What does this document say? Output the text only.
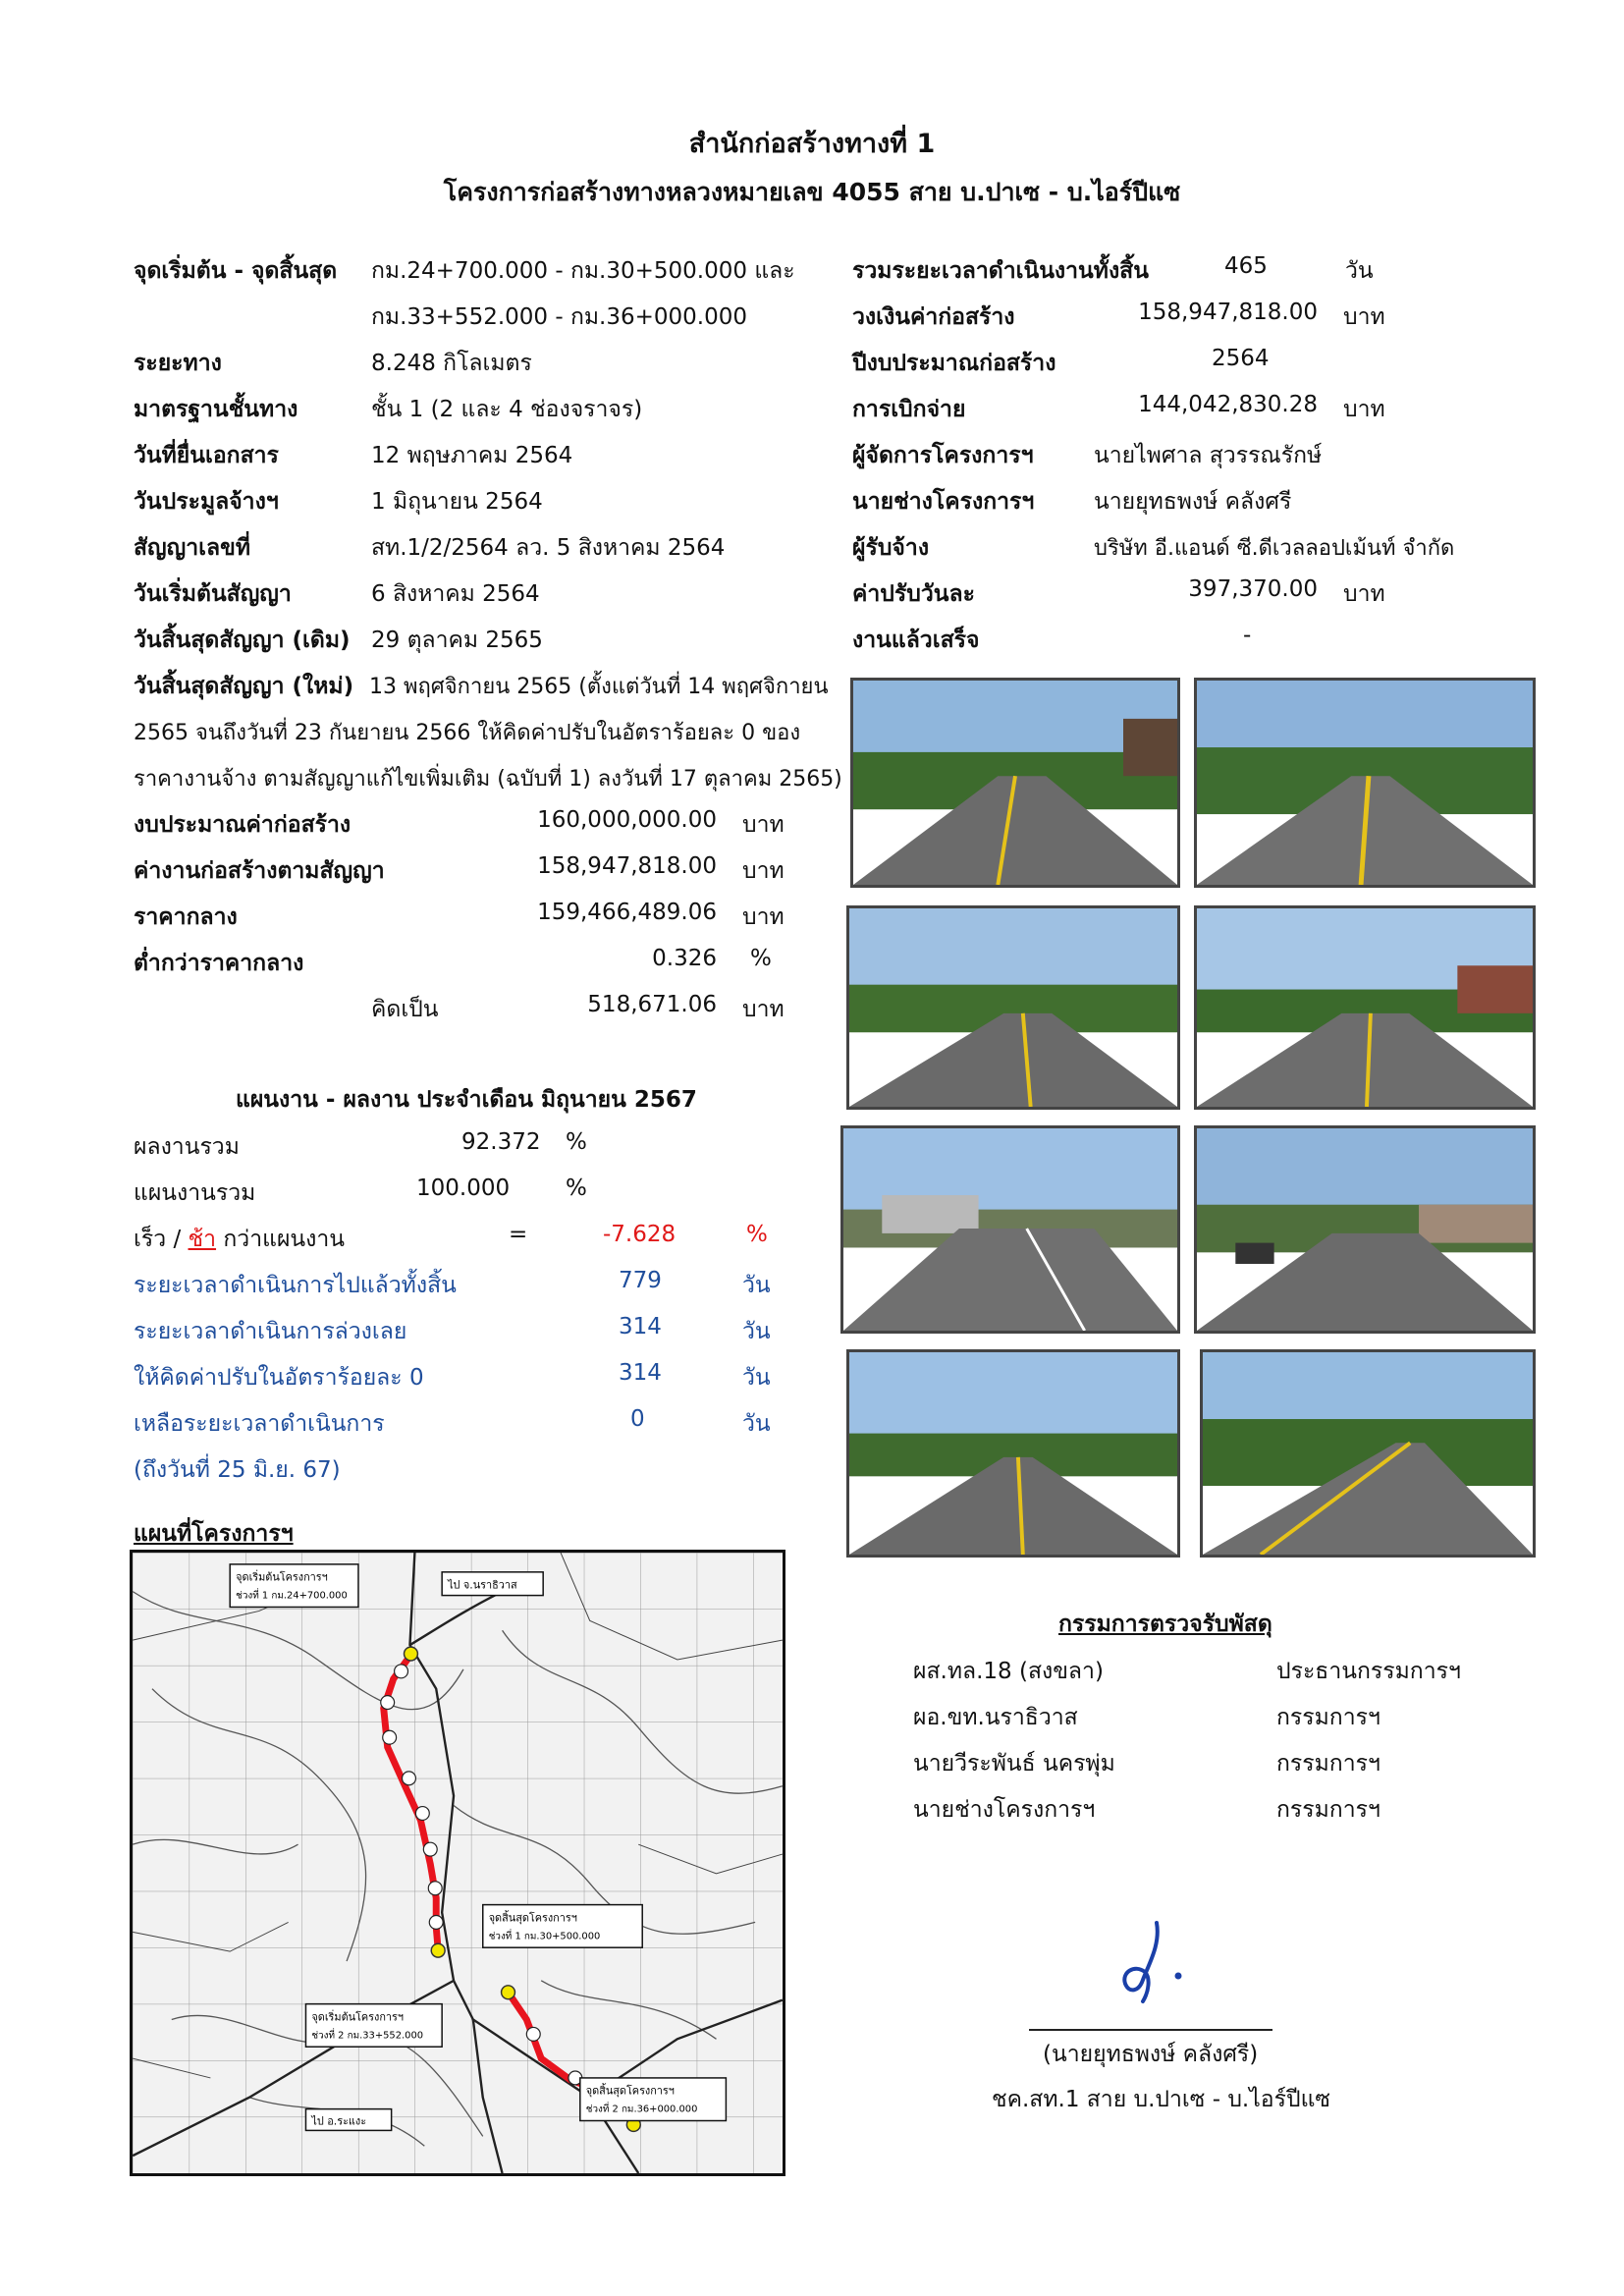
สำนักก่อสร้างทางที่ 1
โครงการก่อสร้างทางหลวงหมายเลข 4055 สาย บ.ปาเซ - บ.ไอร์ปีแซ
จุดเริ่มต้น - จุดสิ้นสุด กม.24+700.000 - กม.30+500.000 และ
กม.33+552.000 - กม.36+000.000
ระยะทาง	8.248 กิโลเมตร
มาตรฐานชั้นทาง	ชั้น 1 (2 และ 4 ช่องจราจร)
วันที่ยื่นเอกสาร	12 พฤษภาคม 2564
วันประมูลจ้างฯ	1 มิถุนายน 2564
สัญญาเลขที่	สท.1/2/2564 ลว. 5 สิงหาคม 2564
วันเริ่มต้นสัญญา	6 สิงหาคม 2564
วันสิ้นสุดสัญญา (เดิม) 29 ตุลาคม 2565
วันสิ้นสุดสัญญา (ใหม่) 13 พฤศจิกายน 2565 (ตั้งแต่วันที่ 14 พฤศจิกายน
2565 จนถึงวันที่ 23 กันยายน 2566 ให้คิดค่าปรับในอัตราร้อยละ 0 ของ
ราคางานจ้าง ตามสัญญาแก้ไขเพิ่มเติม (ฉบับที่ 1) ลงวันที่ 17 ตุลาคม 2565)
งบประมาณค่าก่อสร้าง	160,000,000.00 บาท
ค่างานก่อสร้างตามสัญญา	158,947,818.00 บาท
ราคากลาง	159,466,489.06 บาท
ต่ำกว่าราคากลาง	0.326 %
คิดเป็น	518,671.06 บาท
รวมระยะเวลาดำเนินงานทั้งสิ้น	465	วัน
วงเงินค่าก่อสร้าง	158,947,818.00 บาท
ปีงบประมาณก่อสร้าง	2564
การเบิกจ่าย	144,042,830.28 บาท
ผู้จัดการโครงการฯ	นายไพศาล สุวรรณรักษ์
นายช่างโครงการฯ	นายยุทธพงษ์ คลังศรี
ผู้รับจ้าง	บริษัท อี.แอนด์ ซี.ดีเวลลอปเม้นท์ จำกัด
ค่าปรับวันละ	397,370.00 บาท
งานแล้วเสร็จ	-
แผนงาน - ผลงาน ประจำเดือน มิถุนายน 2567
ผลงานรวม	92.372 %
แผนงานรวม	100.000 %
เร็ว / ช้า กว่าแผนงาน	=	-7.628	%
ระยะเวลาดำเนินการไปแล้วทั้งสิ้น	779	วัน
ระยะเวลาดำเนินการล่วงเลย	314	วัน
ให้คิดค่าปรับในอัตราร้อยละ 0	314	วัน
เหลือระยะเวลาดำเนินการ	0	วัน
(ถึงวันที่ 25 มิ.ย. 67)
แผนที่โครงการฯ
จุดเริ่มต้นโครงการฯ
ช่วงที่ 1 กม.24+700.000
ไป จ.นราธิวาส
จุดสิ้นสุดโครงการฯ
ช่วงที่ 1 กม.30+500.000
จุดเริ่มต้นโครงการฯ
ช่วงที่ 2 กม.33+552.000
จุดสิ้นสุดโครงการฯ
ช่วงที่ 2 กม.36+000.000
ไป อ.ระแงะ
กรรมการตรวจรับพัสดุ
ผส.ทล.18 (สงขลา)	ประธานกรรมการฯ
ผอ.ขท.นราธิวาส	กรรมการฯ
นายวีระพันธ์ นครพุ่ม	กรรมการฯ
นายช่างโครงการฯ	กรรมการฯ
(นายยุทธพงษ์ คลังศรี)
ชค.สท.1 สาย บ.ปาเซ - บ.ไอร์ปีแซ
